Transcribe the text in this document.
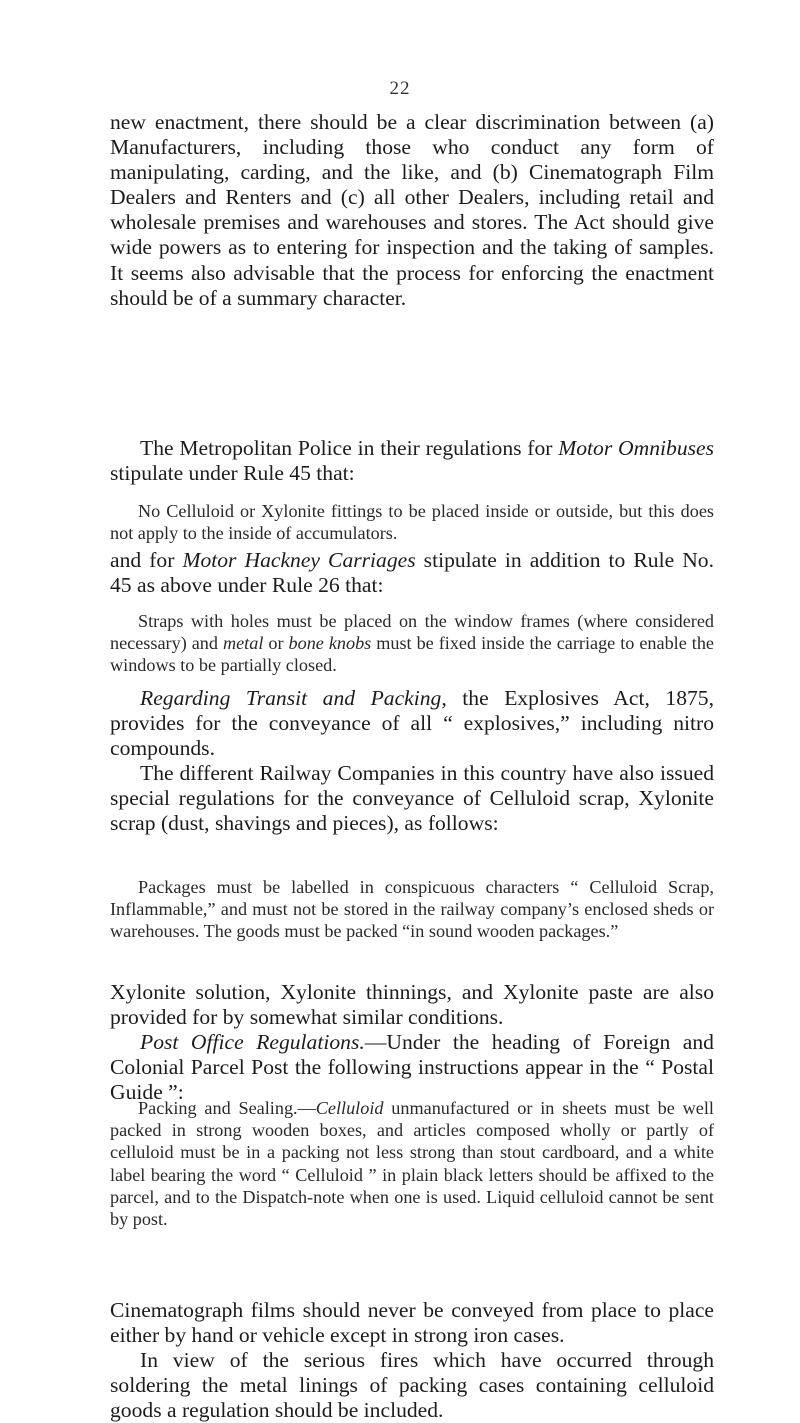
22

new enactment, there should be a clear discrimination between (a) Manufacturers, including those who conduct any form of manipulating, carding, and the like, and (b) Cinematograph Film Dealers and Renters and (c) all other Dealers, including retail and wholesale premises and warehouses and stores. The Act should give wide powers as to entering for inspection and the taking of samples. It seems also advisable that the process for enforcing the enactment should be of a summary character.

The Metropolitan Police in their regulations for Motor Omnibuses stipulate under Rule 45 that:

No Celluloid or Xylonite fittings to be placed inside or outside, but this does not apply to the inside of accumulators.

and for Motor Hackney Carriages stipulate in addition to Rule No. 45 as above under Rule 26 that:

Straps with holes must be placed on the window frames (where considered necessary) and metal or bone knobs must be fixed inside the carriage to enable the windows to be partially closed.

Regarding Transit and Packing, the Explosives Act, 1875, provides for the conveyance of all “ explosives,” including nitro compounds.

The different Railway Companies in this country have also issued special regulations for the conveyance of Celluloid scrap, Xylonite scrap (dust, shavings and pieces), as follows:

Packages must be labelled in conspicuous characters “ Celluloid Scrap, Inflammable,” and must not be stored in the railway company’s enclosed sheds or warehouses. The goods must be packed “in sound wooden packages.”

Xylonite solution, Xylonite thinnings, and Xylonite paste are also provided for by somewhat similar conditions.

Post Office Regulations.—Under the heading of Foreign and Colonial Parcel Post the following instructions appear in the “ Postal Guide ”:

Packing and Sealing.—Celluloid unmanufactured or in sheets must be well packed in strong wooden boxes, and articles composed wholly or partly of celluloid must be in a packing not less strong than stout cardboard, and a white label bearing the word “ Celluloid ” in plain black letters should be affixed to the parcel, and to the Dispatch-note when one is used. Liquid celluloid cannot be sent by post.

Cinematograph films should never be conveyed from place to place either by hand or vehicle except in strong iron cases.

In view of the serious fires which have occurred through soldering the metal linings of packing cases containing celluloid goods a regulation should be included.
